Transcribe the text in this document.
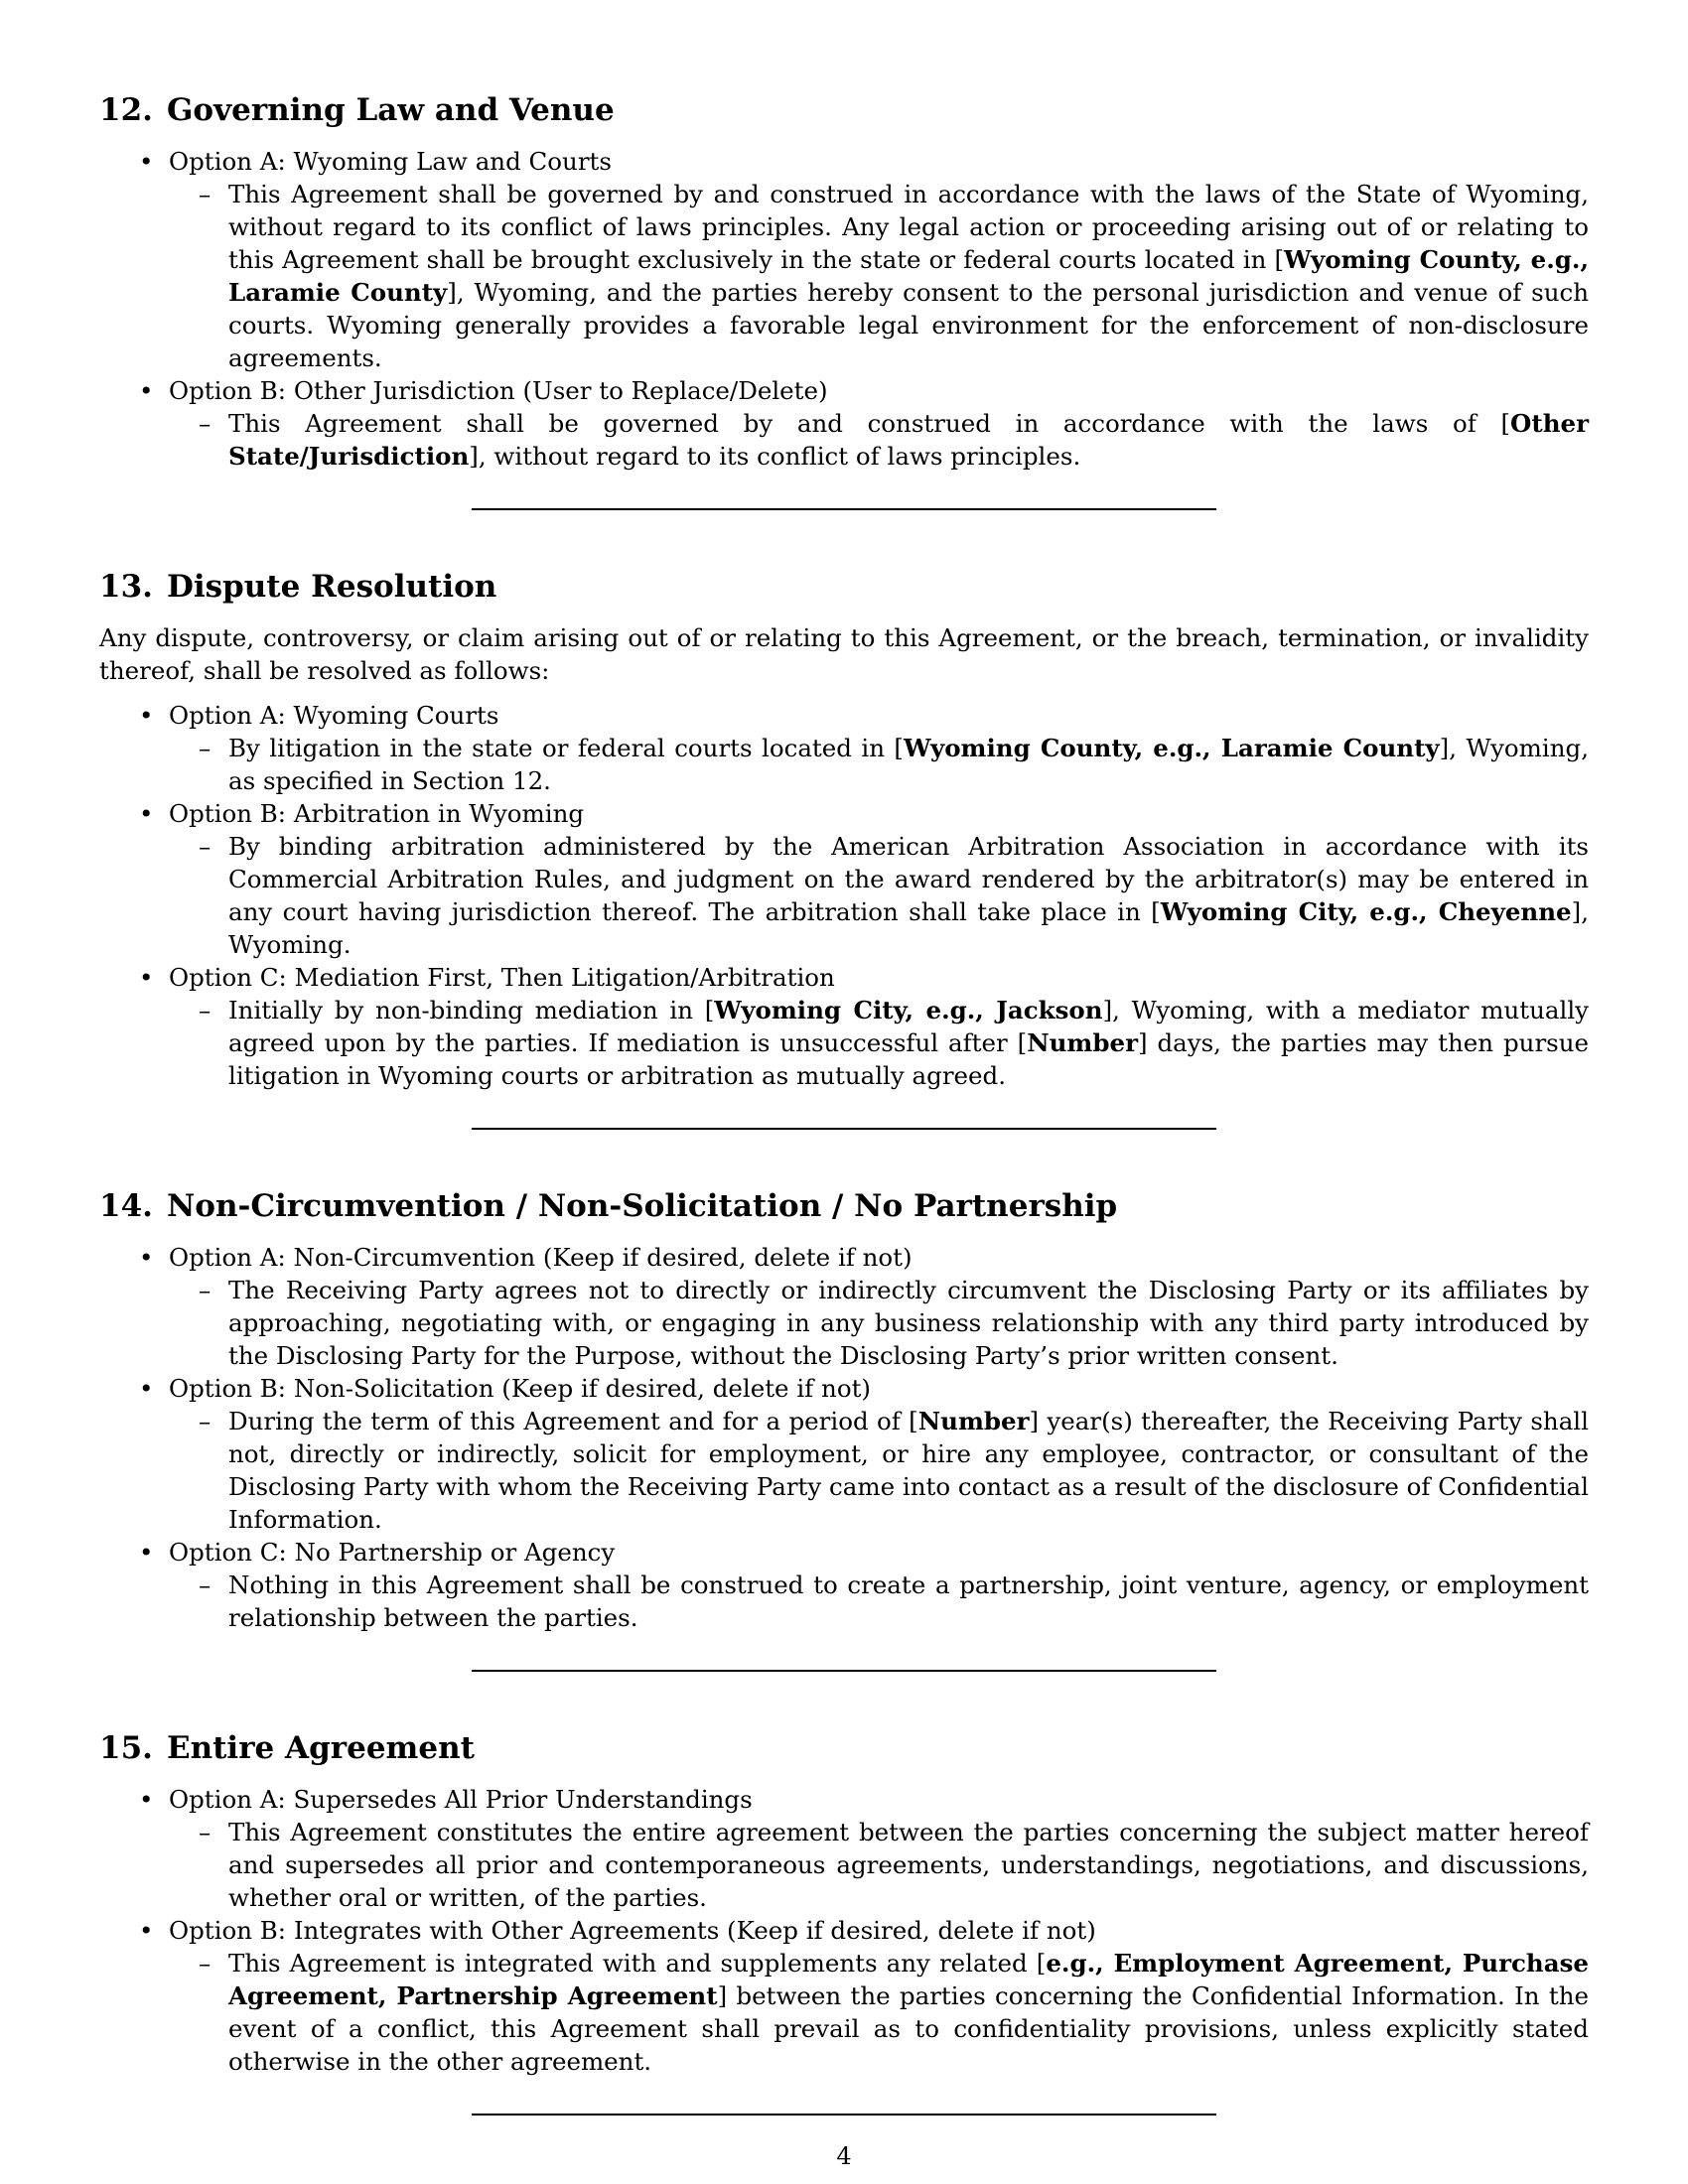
12. Governing Law and Venue
• Option A: Wyoming Law and Courts
– This Agreement shall be governed by and construed in accordance with the laws of the State of Wyoming, without regard to its conflict of laws principles. Any legal action or proceeding arising out of or relating to this Agreement shall be brought exclusively in the state or federal courts located in [Wyoming County, e.g., Laramie County], Wyoming, and the parties hereby consent to the personal jurisdiction and venue of such courts. Wyoming generally provides a favorable legal environment for the enforcement of non-disclosure agreements.
• Option B: Other Jurisdiction (User to Replace/Delete)
– This Agreement shall be governed by and construed in accordance with the laws of [Other State/Jurisdiction], without regard to its conflict of laws principles.
13. Dispute Resolution

Any dispute, controversy, or claim arising out of or relating to this Agreement, or the breach, termination, or invalidity thereof, shall be resolved as follows:

• Option A: Wyoming Courts
– By litigation in the state or federal courts located in [Wyoming County, e.g., Laramie County], Wyoming, as specified in Section 12.
• Option B: Arbitration in Wyoming
– By binding arbitration administered by the American Arbitration Association in accordance with its Commercial Arbitration Rules, and judgment on the award rendered by the arbitrator(s) may be entered in any court having jurisdiction thereof. The arbitration shall take place in [Wyoming City, e.g., Cheyenne], Wyoming.
• Option C: Mediation First, Then Litigation/Arbitration
– Initially by non-binding mediation in [Wyoming City, e.g., Jackson], Wyoming, with a mediator mutually agreed upon by the parties. If mediation is unsuccessful after [Number] days, the parties may then pursue litigation in Wyoming courts or arbitration as mutually agreed.
14. Non-Circumvention / Non-Solicitation / No Partnership
• Option A: Non-Circumvention (Keep if desired, delete if not)
– The Receiving Party agrees not to directly or indirectly circumvent the Disclosing Party or its affiliates by approaching, negotiating with, or engaging in any business relationship with any third party introduced by the Disclosing Party for the Purpose, without the Disclosing Party’s prior written consent.
• Option B: Non-Solicitation (Keep if desired, delete if not)
– During the term of this Agreement and for a period of [Number] year(s) thereafter, the Receiving Party shall not, directly or indirectly, solicit for employment, or hire any employee, contractor, or consultant of the Disclosing Party with whom the Receiving Party came into contact as a result of the disclosure of Confidential Information.
• Option C: No Partnership or Agency
– Nothing in this Agreement shall be construed to create a partnership, joint venture, agency, or employment relationship between the parties.
15. Entire Agreement
• Option A: Supersedes All Prior Understandings
– This Agreement constitutes the entire agreement between the parties concerning the subject matter hereof and supersedes all prior and contemporaneous agreements, understandings, negotiations, and discussions, whether oral or written, of the parties.
• Option B: Integrates with Other Agreements (Keep if desired, delete if not)
– This Agreement is integrated with and supplements any related [e.g., Employment Agreement, Purchase Agreement, Partnership Agreement] between the parties concerning the Confidential Information. In the event of a conflict, this Agreement shall prevail as to confidentiality provisions, unless explicitly stated otherwise in the other agreement.
4
